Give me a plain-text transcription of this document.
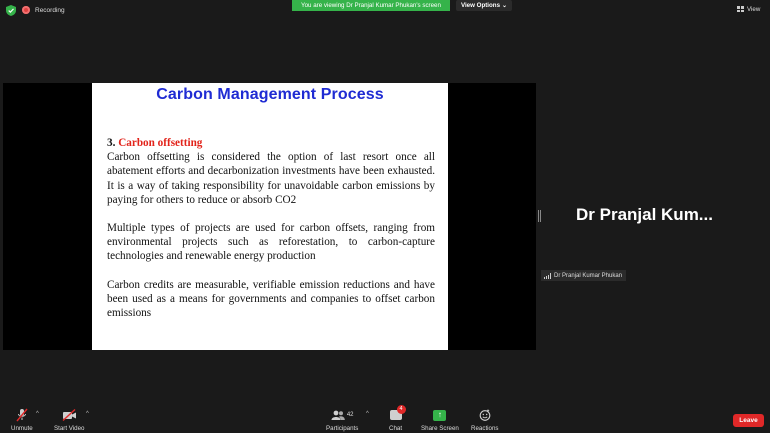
Recording
You are viewing Dr Pranjal Kumar Phukan's screen	View Options ⌄	View
Carbon Management Process
3. Carbon offsetting

Carbon offsetting is considered the option of last resort once all abatement efforts and decarbonization investments have been exhausted. It is a way of taking responsibility for unavoidable carbon emissions by paying for others to reduce or absorb CO2

Multiple types of projects are used for carbon offsets, ranging from environmental projects such as reforestation, to carbon-capture technologies and renewable energy production

Carbon credits are measurable, verifiable emission reductions and have been used as a means for governments and companies to offset carbon emissions

Dr Pranjal Kum...
Dr Pranjal Kumar Phukan
Unmute
^
Start Video
^	42
Participants
^
4
Chat
↑
Share Screen Reactions
Leave
